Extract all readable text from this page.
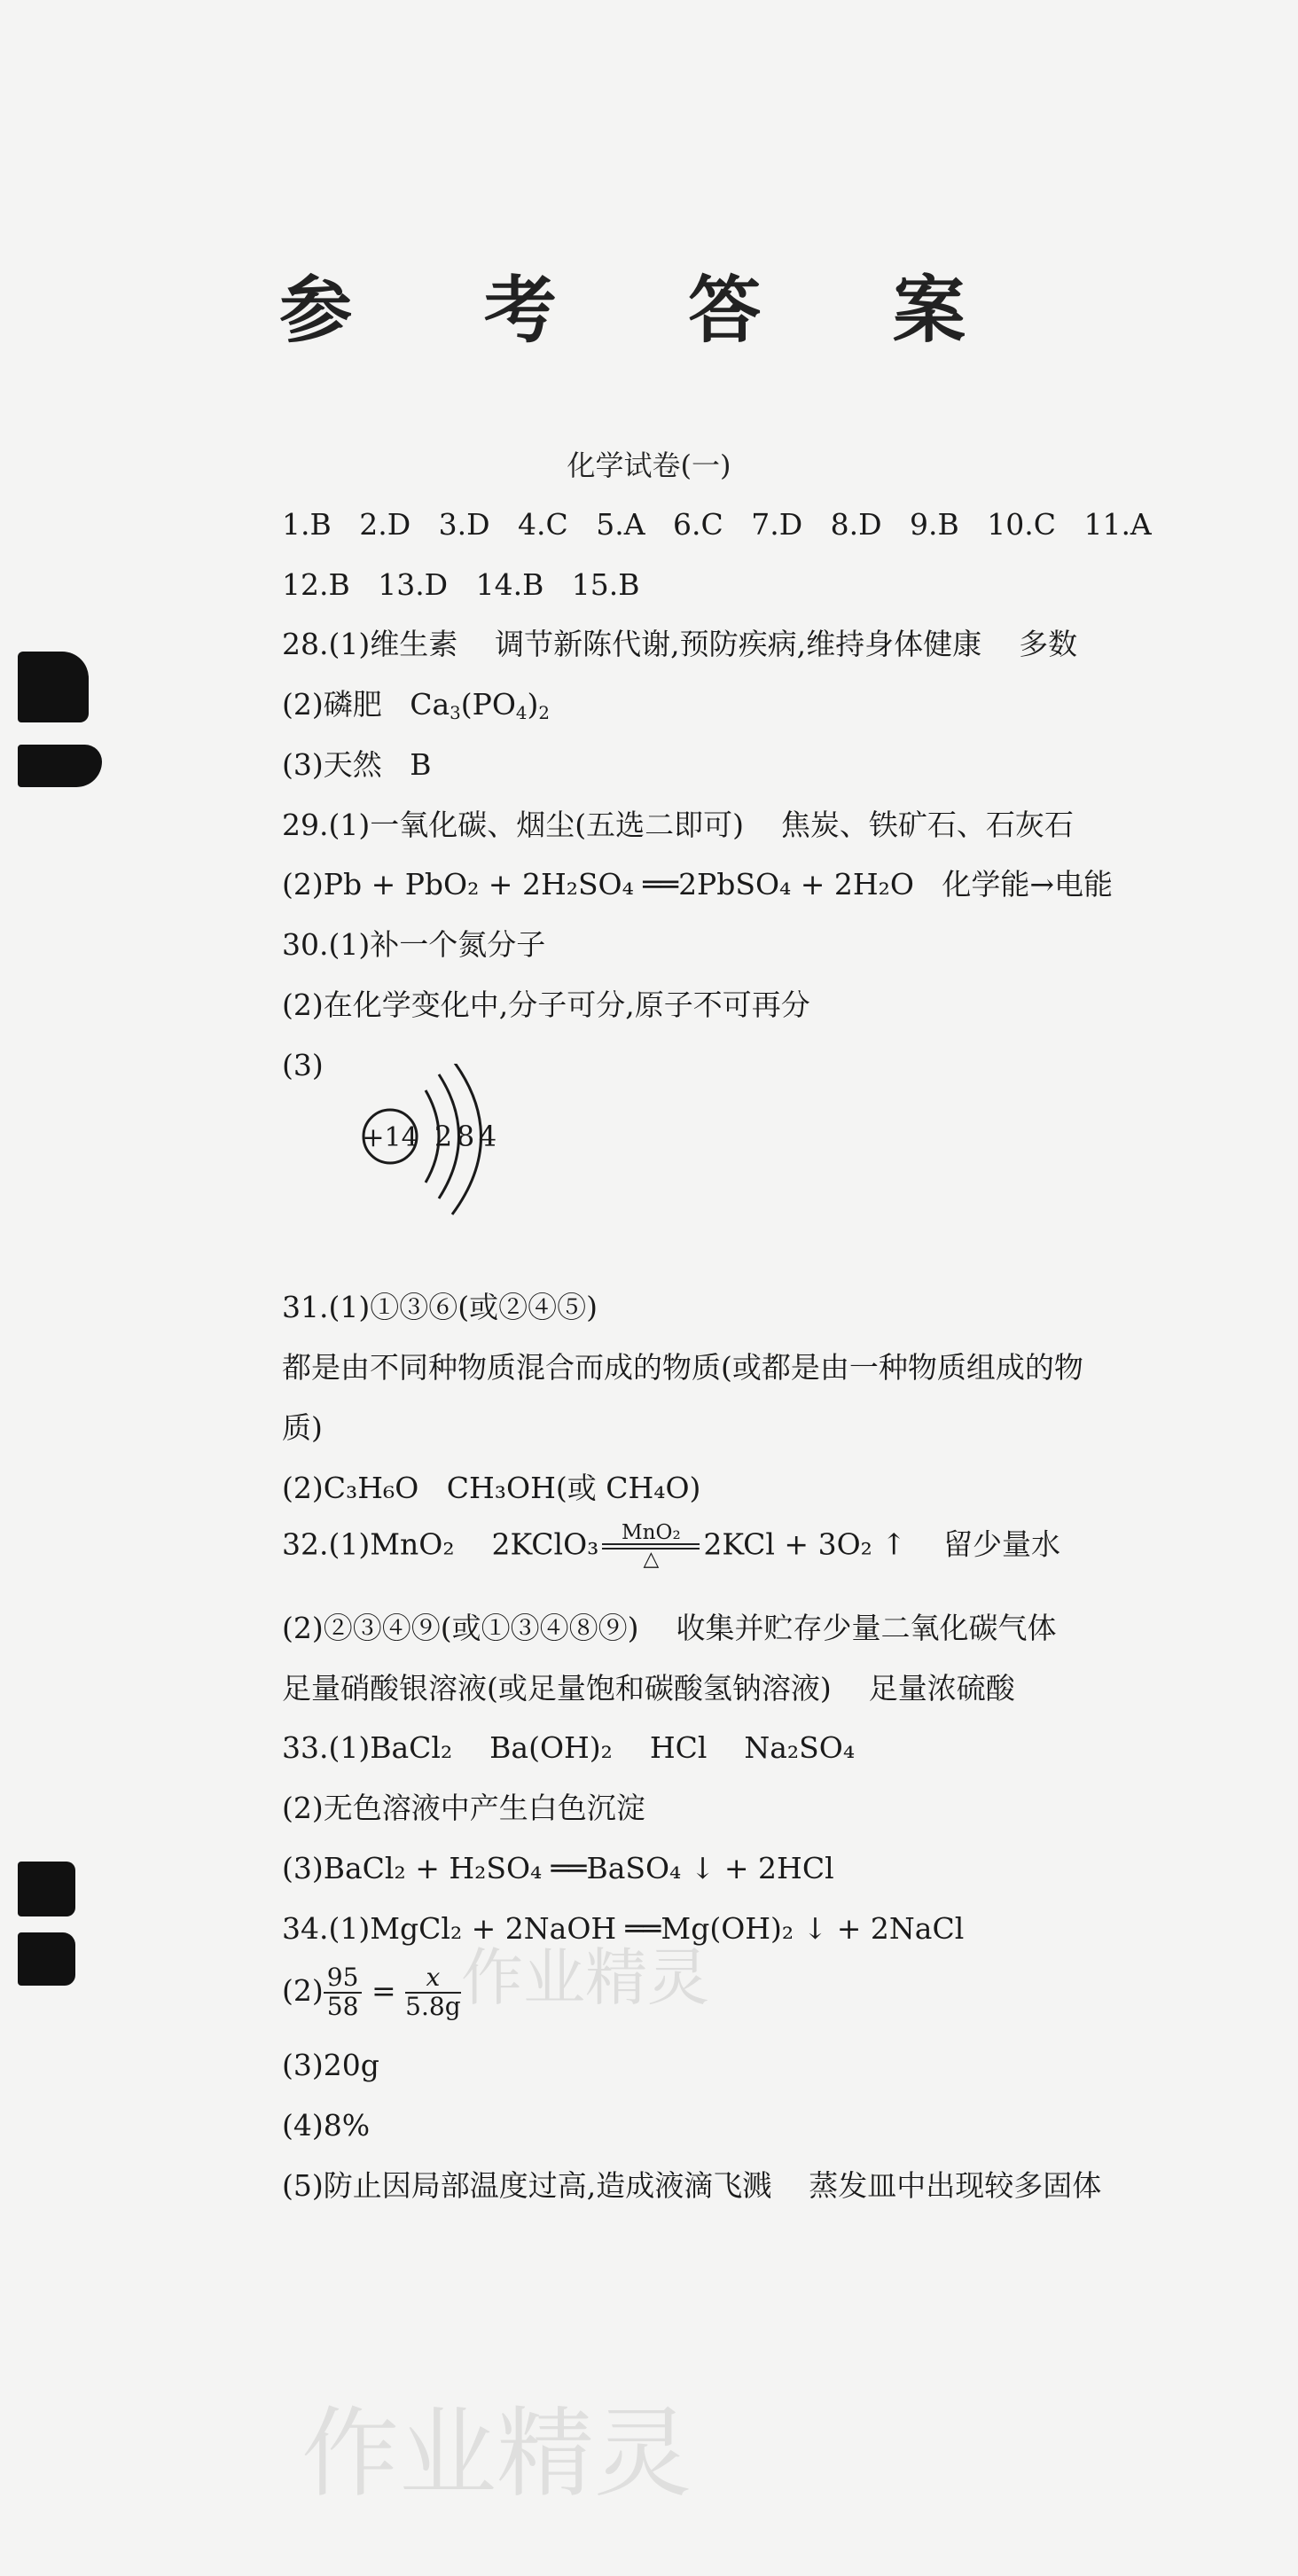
参 考 答 案
化学试卷(一)
1.B   2.D   3.D   4.C   5.A   6.C   7.D   8.D   9.B   10.C   11.A
12.B   13.D   14.B   15.B
28.(1)维生素    调节新陈代谢,预防疾病,维持身体健康    多数
(2)磷肥   $Ca_3(PO_4)_2$
(3)天然   B
29.(1)一氧化碳、烟尘(五选二即可)    焦炭、铁矿石、石灰石
(2)Pb + PbO₂ + 2H₂SO₄ ══2PbSO₄ + 2H₂O   化学能→电能
30.(1)补一个氮分子
(2)在化学变化中,分子可分,原子不可再分
(3)
+14 2 8 4
31.(1)①③⑥(或②④⑤)
都是由不同种物质混合而成的物质(或都是由一种物质组成的物
质)
(2)C₃H₆O   CH₃OH(或 CH₄O)
32.(1)MnO₂    2KClO₃	MnO₂
△	2KCl + 3O₂ ↑    留少量水
(2)②③④⑨(或①③④⑧⑨)    收集并贮存少量二氧化碳气体
足量硝酸银溶液(或足量饱和碳酸氢钠溶液)    足量浓硫酸
33.(1)BaCl₂    Ba(OH)₂    HCl    Na₂SO₄
(2)无色溶液中产生白色沉淀
(3)BaCl₂ + H₂SO₄ ══BaSO₄ ↓ + 2HCl
34.(1)MgCl₂ + 2NaOH ══Mg(OH)₂ ↓ + 2NaCl
$(2) \frac{95}{58} = \frac{x}{5.8g}$
(3)20g
(4)8%
(5)防止因局部温度过高,造成液滴飞溅    蒸发皿中出现较多固体
作业精灵
作业精灵
